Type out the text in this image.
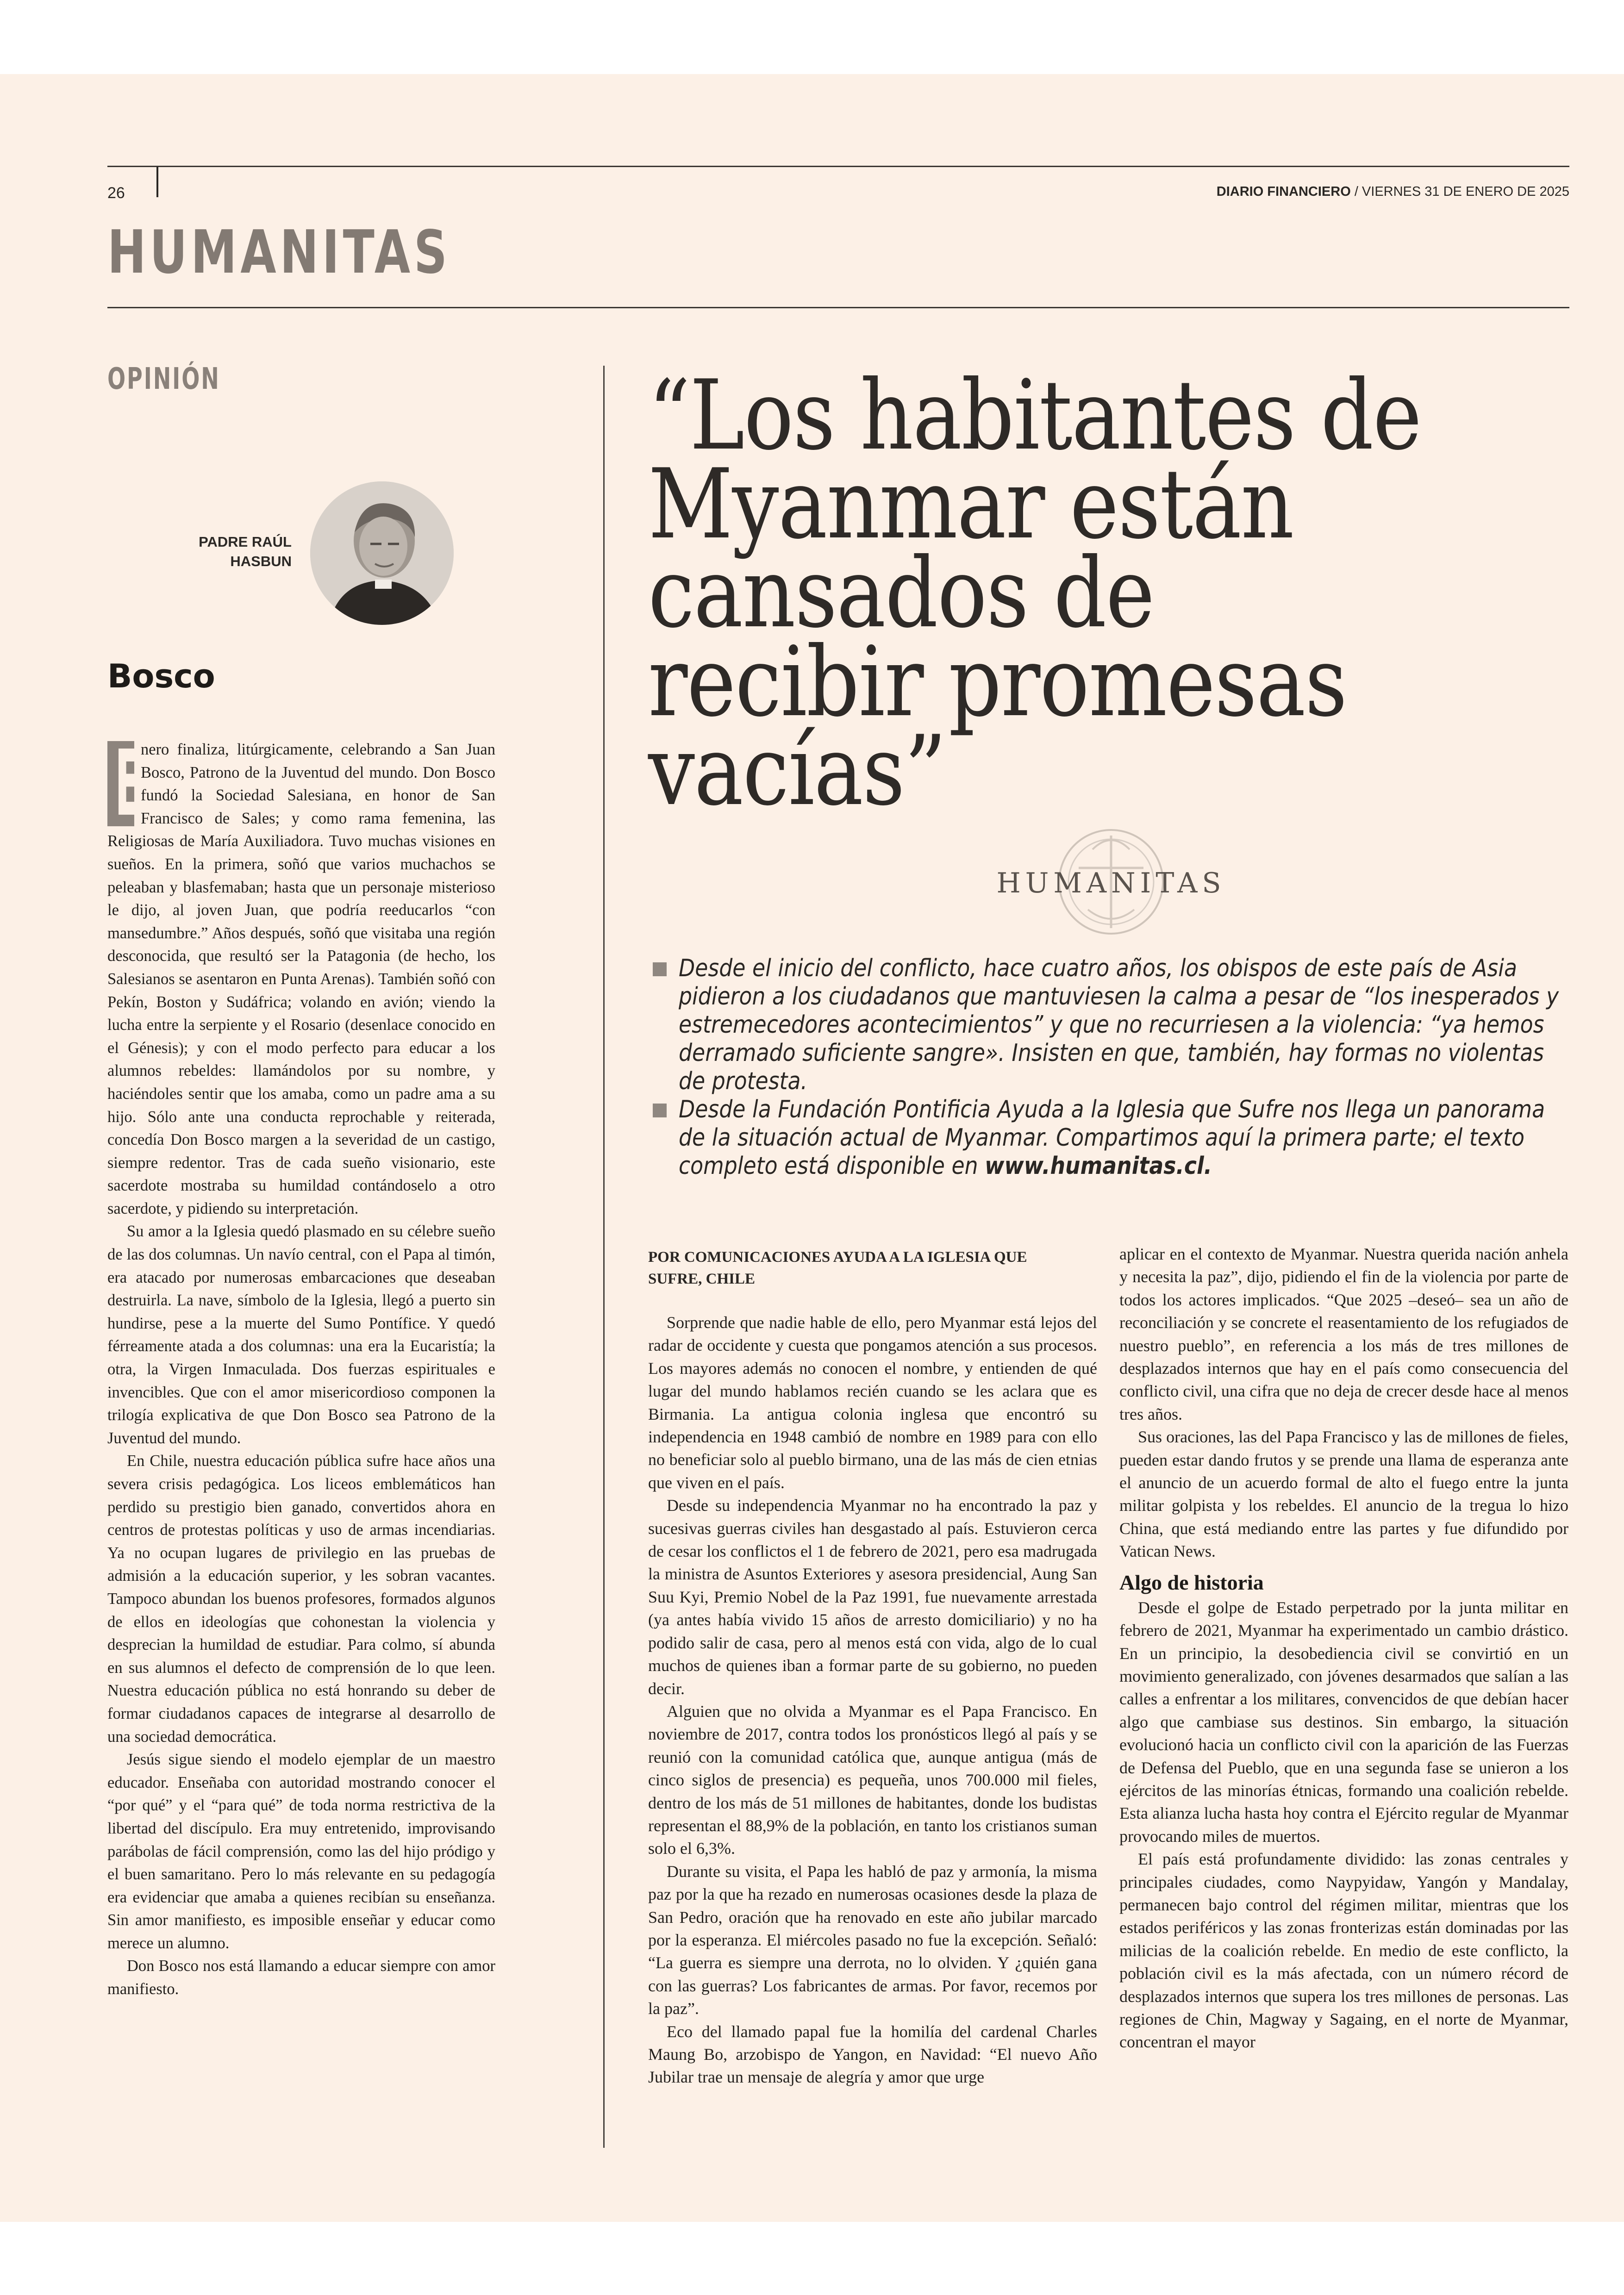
26	DIARIO FINANCIERO / VIERNES 31 DE ENERO DE 2025
HUMANITAS
OPINIÓN
PADRE RAÚL
HASBUN
Bosco
E

nero finaliza, litúrgicamente, celebrando a San Juan Bosco, Patrono de la Juventud del mundo. Don Bosco fundó la Sociedad Salesiana, en honor de San Francisco de Sales; y como rama femenina, las Religiosas de María Auxiliadora. Tuvo muchas visiones en sueños. En la primera, soñó que varios muchachos se peleaban y blasfemaban; hasta que un personaje misterioso le dijo, al joven Juan, que podría reeducarlos “con mansedumbre.” Años después, soñó que visitaba una región desconocida, que resultó ser la Patagonia (de hecho, los Salesianos se asentaron en Punta Arenas). También soñó con Pekín, Boston y Sudáfrica; volando en avión; viendo la lucha entre la serpiente y el Rosario (desenlace conocido en el Génesis); y con el modo perfecto para educar a los alumnos rebeldes: llamándolos por su nombre, y haciéndoles sentir que los amaba, como un padre ama a su hijo. Sólo ante una conducta reprochable y reiterada, concedía Don Bosco margen a la severidad de un castigo, siempre redentor. Tras de cada sueño visionario, este sacerdote mostraba su humildad contándoselo a otro sacerdote, y pidiendo su interpretación.

Su amor a la Iglesia quedó plasmado en su célebre sueño de las dos columnas. Un navío central, con el Papa al timón, era atacado por numerosas embarcaciones que deseaban destruirla. La nave, símbolo de la Iglesia, llegó a puerto sin hundirse, pese a la muerte del Sumo Pontífice. Y quedó férreamente atada a dos columnas: una era la Eucaristía; la otra, la Virgen Inmaculada. Dos fuerzas espirituales e invencibles. Que con el amor misericordioso componen la trilogía explicativa de que Don Bosco sea Patrono de la Juventud del mundo.

En Chile, nuestra educación pública sufre hace años una severa crisis pedagógica. Los liceos emblemáticos han perdido su prestigio bien ganado, convertidos ahora en centros de protestas políticas y uso de armas incendiarias. Ya no ocupan lugares de privilegio en las pruebas de admisión a la educación superior, y les sobran vacantes. Tampoco abundan los buenos profesores, formados algunos de ellos en ideologías que cohonestan la violencia y desprecian la humildad de estudiar. Para colmo, sí abunda en sus alumnos el defecto de comprensión de lo que leen. Nuestra educación pública no está honrando su deber de formar ciudadanos capaces de integrarse al desarrollo de una sociedad democrática.

Jesús sigue siendo el modelo ejemplar de un maestro educador. Enseñaba con autoridad mostrando conocer el “por qué” y el “para qué” de toda norma restrictiva de la libertad del discípulo. Era muy entretenido, improvisando parábolas de fácil comprensión, como las del hijo pródigo y el buen samaritano. Pero lo más relevante en su pedagogía era evidenciar que amaba a quienes recibían su enseñanza. Sin amor manifiesto, es imposible enseñar y educar como merece un alumno.

Don Bosco nos está llamando a educar siempre con amor manifiesto.

“Los habitantes de Myanmar están cansados de recibir promesas vacías”
HUMANITAS
Desde el inicio del conflicto, hace cuatro años, los obispos de este país de Asia pidieron a los ciudadanos que mantuviesen la calma a pesar de “los inesperados y estremecedores acontecimientos” y que no recurriesen a la violencia: “ya hemos derramado suficiente sangre». Insisten en que, también, hay formas no violentas de protesta.
Desde la Fundación Pontificia Ayuda a la Iglesia que Sufre nos llega un panorama de la situación actual de Myanmar. Compartimos aquí la primera parte; el texto completo está disponible en www.humanitas.cl.
POR COMUNICACIONES AYUDA A LA IGLESIA QUE SUFRE, CHILE

Sorprende que nadie hable de ello, pero Myanmar está lejos del radar de occidente y cuesta que pongamos atención a sus procesos. Los mayores además no conocen el nombre, y entienden de qué lugar del mundo hablamos recién cuando se les aclara que es Birmania. La antigua colonia inglesa que encontró su independencia en 1948 cambió de nombre en 1989 para con ello no beneficiar solo al pueblo birmano, una de las más de cien etnias que viven en el país.

Desde su independencia Myanmar no ha encontrado la paz y sucesivas guerras civiles han desgastado al país. Estuvieron cerca de cesar los conflictos el 1 de febrero de 2021, pero esa madrugada la ministra de Asuntos Exteriores y asesora presidencial, Aung San Suu Kyi, Premio Nobel de la Paz 1991, fue nuevamente arrestada (ya antes había vivido 15 años de arresto domiciliario) y no ha podido salir de casa, pero al menos está con vida, algo de lo cual muchos de quienes iban a formar parte de su gobierno, no pueden decir.

Alguien que no olvida a Myanmar es el Papa Francisco. En noviembre de 2017, contra todos los pronósticos llegó al país y se reunió con la comunidad católica que, aunque antigua (más de cinco siglos de presencia) es pequeña, unos 700.000 mil fieles, dentro de los más de 51 millones de habitantes, donde los budistas representan el 88,9% de la población, en tanto los cristianos suman solo el 6,3%.

Durante su visita, el Papa les habló de paz y armonía, la misma paz por la que ha rezado en numerosas ocasiones desde la plaza de San Pedro, oración que ha renovado en este año jubilar marcado por la esperanza. El miércoles pasado no fue la excepción. Señaló: “La guerra es siempre una derrota, no lo olviden. Y ¿quién gana con las guerras? Los fabricantes de armas. Por favor, recemos por la paz”.

Eco del llamado papal fue la homilía del cardenal Charles Maung Bo, arzobispo de Yangon, en Navidad: “El nuevo Año Jubilar trae un mensaje de alegría y amor que urge

aplicar en el contexto de Myanmar. Nuestra querida nación anhela y necesita la paz”, dijo, pidiendo el fin de la violencia por parte de todos los actores implicados. “Que 2025 –deseó– sea un año de reconciliación y se concrete el reasentamiento de los refugiados de nuestro pueblo”, en referencia a los más de tres millones de desplazados internos que hay en el país como consecuencia del conflicto civil, una cifra que no deja de crecer desde hace al menos tres años.

Sus oraciones, las del Papa Francisco y las de millones de fieles, pueden estar dando frutos y se prende una llama de esperanza ante el anuncio de un acuerdo formal de alto el fuego entre la junta militar golpista y los rebeldes. El anuncio de la tregua lo hizo China, que está mediando entre las partes y fue difundido por Vatican News.

Algo de historia

Desde el golpe de Estado perpetrado por la junta militar en febrero de 2021, Myanmar ha experimentado un cambio drástico. En un principio, la desobediencia civil se convirtió en un movimiento generalizado, con jóvenes desarmados que salían a las calles a enfrentar a los militares, convencidos de que debían hacer algo que cambiase sus destinos. Sin embargo, la situación evolucionó hacia un conflicto civil con la aparición de las Fuerzas de Defensa del Pueblo, que en una segunda fase se unieron a los ejércitos de las minorías étnicas, formando una coalición rebelde. Esta alianza lucha hasta hoy contra el Ejército regular de Myanmar provocando miles de muertos.

El país está profundamente dividido: las zonas centrales y principales ciudades, como Naypyidaw, Yangón y Mandalay, permanecen bajo control del régimen militar, mientras que los estados periféricos y las zonas fronterizas están dominadas por las milicias de la coalición rebelde. En medio de este conflicto, la población civil es la más afectada, con un número récord de desplazados internos que supera los tres millones de personas. Las regiones de Chin, Magway y Sagaing, en el norte de Myanmar, concentran el mayor
